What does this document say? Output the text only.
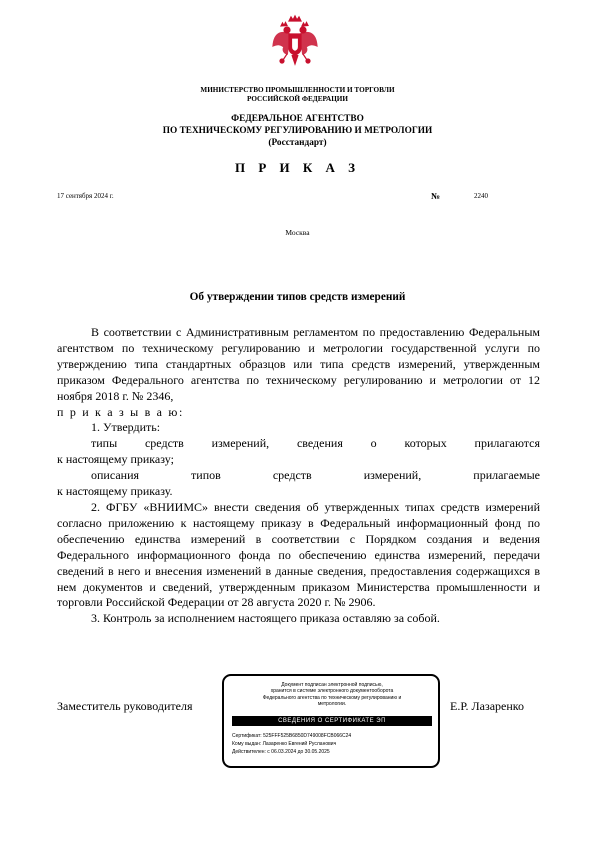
МИНИСТЕРСТВО ПРОМЫШЛЕННОСТИ И ТОРГОВЛИ
РОССИЙСКОЙ ФЕДЕРАЦИИ
ФЕДЕРАЛЬНОЕ АГЕНТСТВО
ПО ТЕХНИЧЕСКОМУ РЕГУЛИРОВАНИЮ И МЕТРОЛОГИИ
(Росстандарт)
П Р И К А З
17 сентября 2024 г.	№	2240
Москва
Об утверждении типов средств измерений

В соответствии с Административным регламентом по предоставлению Федеральным агентством по техническому регулированию и метрологии государственной услуги по утверждению типа стандартных образцов или типа средств измерений, утвержденным приказом Федерального агентства по техническому регулированию и метрологии от 12 ноября 2018 г. № 2346,

п р и к а з ы в а ю:

1. Утвердить:

типы средств измерений, сведения о которых прилагаются

к настоящему приказу;

описания типов средств измерений, прилагаемые

к настоящему приказу.

2. ФГБУ «ВНИИМС» внести сведения об утвержденных типах средств измерений согласно приложению к настоящему приказу в Федеральный информационный фонд по обеспечению единства измерений в соответствии с Порядком создания и ведения Федерального информационного фонда по обеспечению единства измерений, передачи сведений в него и внесения изменений в данные сведения, предоставления содержащихся в нем документов и сведений, утвержденным приказом Министерства промышленности и торговли Российской Федерации от 28 августа 2020 г. № 2906.

3. Контроль за исполнением настоящего приказа оставляю за собой.

Заместитель руководителя	Е.Р. Лазаренко
Документ подписан электронной подписью,
хранится в системе электронного документооборота
Федерального агентства по техническому регулированию и
метрологии.
СВЕДЕНИЯ О СЕРТИФИКАТЕ ЭП
Сертификат: 525FFF525B6850D749008FCB066C24
Кому выдан: Лазаренко Евгений Русланович
Действителен: с 06.03.2024 до 30.05.2025
